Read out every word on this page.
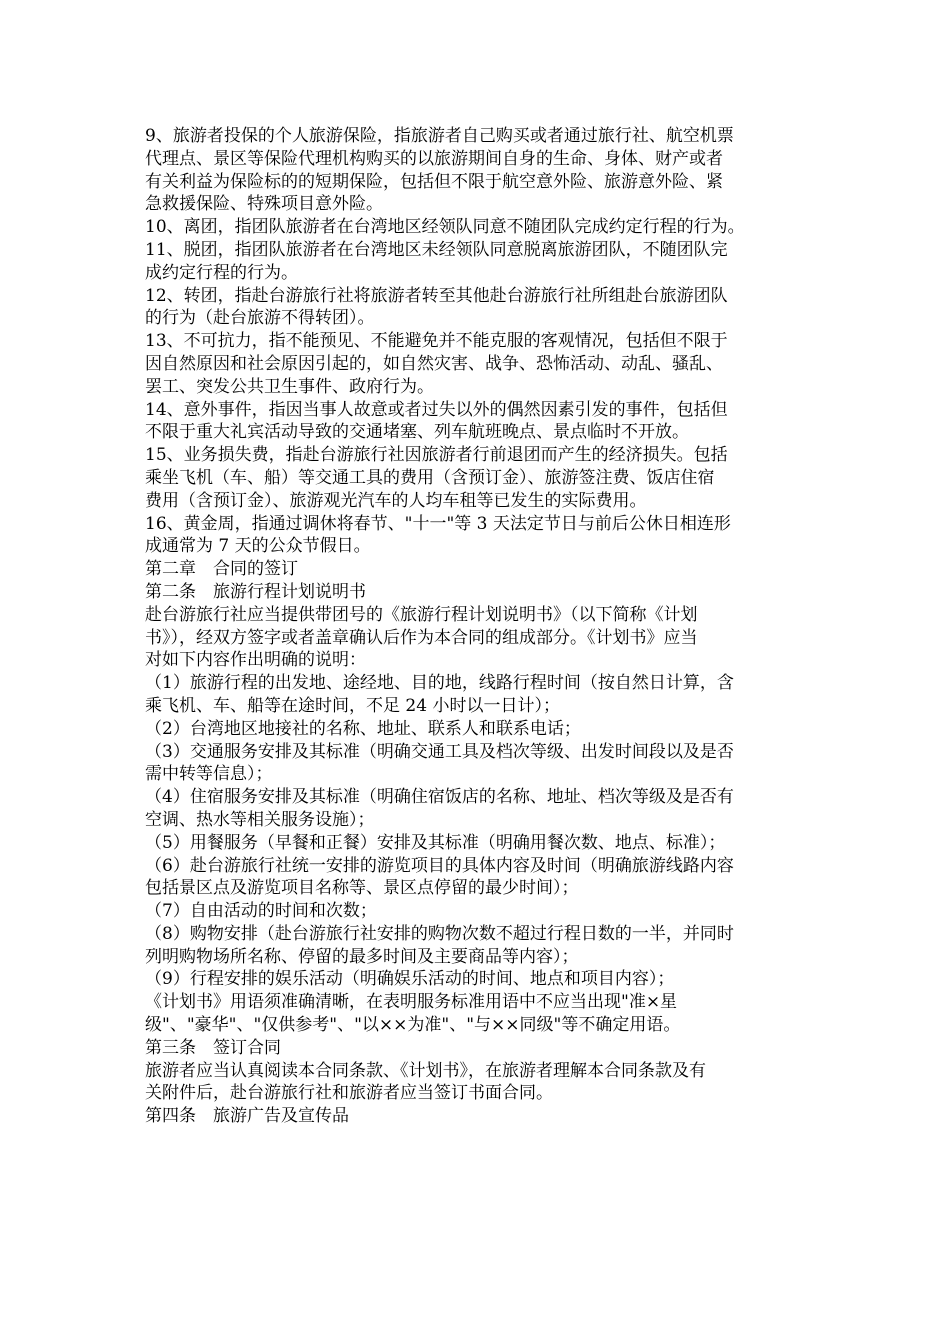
9、旅游者投保的个人旅游保险，指旅游者自己购买或者通过旅行社、航空机票
代理点、景区等保险代理机构购买的以旅游期间自身的生命、身体、财产或者
有关利益为保险标的的短期保险，包括但不限于航空意外险、旅游意外险、紧
急救援保险、特殊项目意外险。
10、离团，指团队旅游者在台湾地区经领队同意不随团队完成约定行程的行为。
11、脱团，指团队旅游者在台湾地区未经领队同意脱离旅游团队，不随团队完
成约定行程的行为。
12、转团，指赴台游旅行社将旅游者转至其他赴台游旅行社所组赴台旅游团队
的行为（赴台旅游不得转团）。
13、不可抗力，指不能预见、不能避免并不能克服的客观情况，包括但不限于
因自然原因和社会原因引起的，如自然灾害、战争、恐怖活动、动乱、骚乱、
罢工、突发公共卫生事件、政府行为。
14、意外事件，指因当事人故意或者过失以外的偶然因素引发的事件，包括但
不限于重大礼宾活动导致的交通堵塞、列车航班晚点、景点临时不开放。
15、业务损失费，指赴台游旅行社因旅游者行前退团而产生的经济损失。包括
乘坐飞机（车、船）等交通工具的费用（含预订金）、旅游签注费、饭店住宿
费用（含预订金）、旅游观光汽车的人均车租等已发生的实际费用。
16、黄金周，指通过调休将春节、"十一"等 3 天法定节日与前后公休日相连形
成通常为 7 天的公众节假日。
第二章　合同的签订
第二条　旅游行程计划说明书
赴台游旅行社应当提供带团号的《旅游行程计划说明书》（以下简称《计划
书》），经双方签字或者盖章确认后作为本合同的组成部分。《计划书》应当
对如下内容作出明确的说明：
（1）旅游行程的出发地、途经地、目的地，线路行程时间（按自然日计算，含
乘飞机、车、船等在途时间，不足 24 小时以一日计）；
（2）台湾地区地接社的名称、地址、联系人和联系电话；
（3）交通服务安排及其标准（明确交通工具及档次等级、出发时间段以及是否
需中转等信息）；
（4）住宿服务安排及其标准（明确住宿饭店的名称、地址、档次等级及是否有
空调、热水等相关服务设施）；
（5）用餐服务（早餐和正餐）安排及其标准（明确用餐次数、地点、标准）；
（6）赴台游旅行社统一安排的游览项目的具体内容及时间（明确旅游线路内容
包括景区点及游览项目名称等、景区点停留的最少时间）；
（7）自由活动的时间和次数；
（8）购物安排（赴台游旅行社安排的购物次数不超过行程日数的一半，并同时
列明购物场所名称、停留的最多时间及主要商品等内容）；
（9）行程安排的娱乐活动（明确娱乐活动的时间、地点和项目内容）；
《计划书》用语须准确清晰，在表明服务标准用语中不应当出现"准×星
级"、"豪华"、"仅供参考"、"以××为准"、"与××同级"等不确定用语。
第三条　签订合同
旅游者应当认真阅读本合同条款、《计划书》，在旅游者理解本合同条款及有
关附件后，赴台游旅行社和旅游者应当签订书面合同。
第四条　旅游广告及宣传品
